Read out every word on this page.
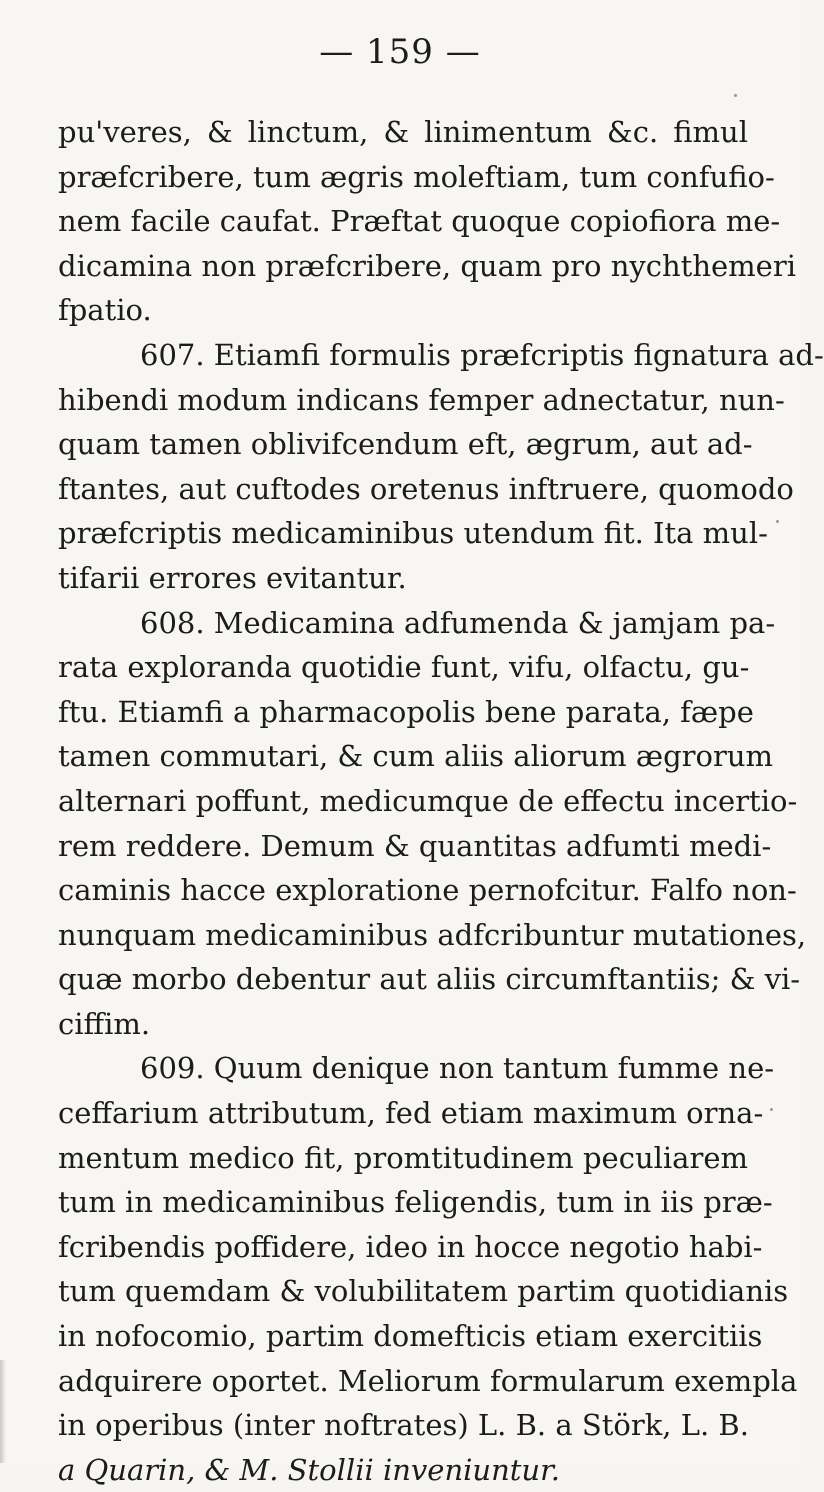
— 159 —
pu'veres, & linctum, & linimentum &c. fimul
præfcribere, tum ægris moleftiam, tum confufio-
nem facile caufat. Præftat quoque copiofiora me-
dicamina non præfcribere, quam pro nychthemeri
fpatio.
607. Etiamfi formulis præfcriptis fignatura ad-
hibendi modum indicans femper adnectatur, nun-
quam tamen oblivifcendum eft, ægrum, aut ad-
ftantes, aut cuftodes oretenus inftruere, quomodo
præfcriptis medicaminibus utendum fit. Ita mul-
tifarii errores evitantur.
608. Medicamina adfumenda & jamjam pa-
rata exploranda quotidie funt, vifu, olfactu, gu-
ftu. Etiamfi a pharmacopolis bene parata, fæpe
tamen commutari, & cum aliis aliorum ægrorum
alternari poffunt, medicumque de effectu incertio-
rem reddere. Demum & quantitas adfumti medi-
caminis hacce exploratione pernofcitur. Falfo non-
nunquam medicaminibus adfcribuntur mutationes,
quæ morbo debentur aut aliis circumftantiis; & vi-
ciffim.
609. Quum denique non tantum fumme ne-
ceffarium attributum, fed etiam maximum orna-
mentum medico fit, promtitudinem peculiarem
tum in medicaminibus feligendis, tum in iis præ-
fcribendis poffidere, ideo in hocce negotio habi-
tum quemdam & volubilitatem partim quotidianis
in nofocomio, partim domefticis etiam exercitiis
adquirere oportet. Meliorum formularum exempla
in operibus (inter noftrates) L. B. a Störk, L. B.
a Quarin, & M. Stollii inveniuntur.
